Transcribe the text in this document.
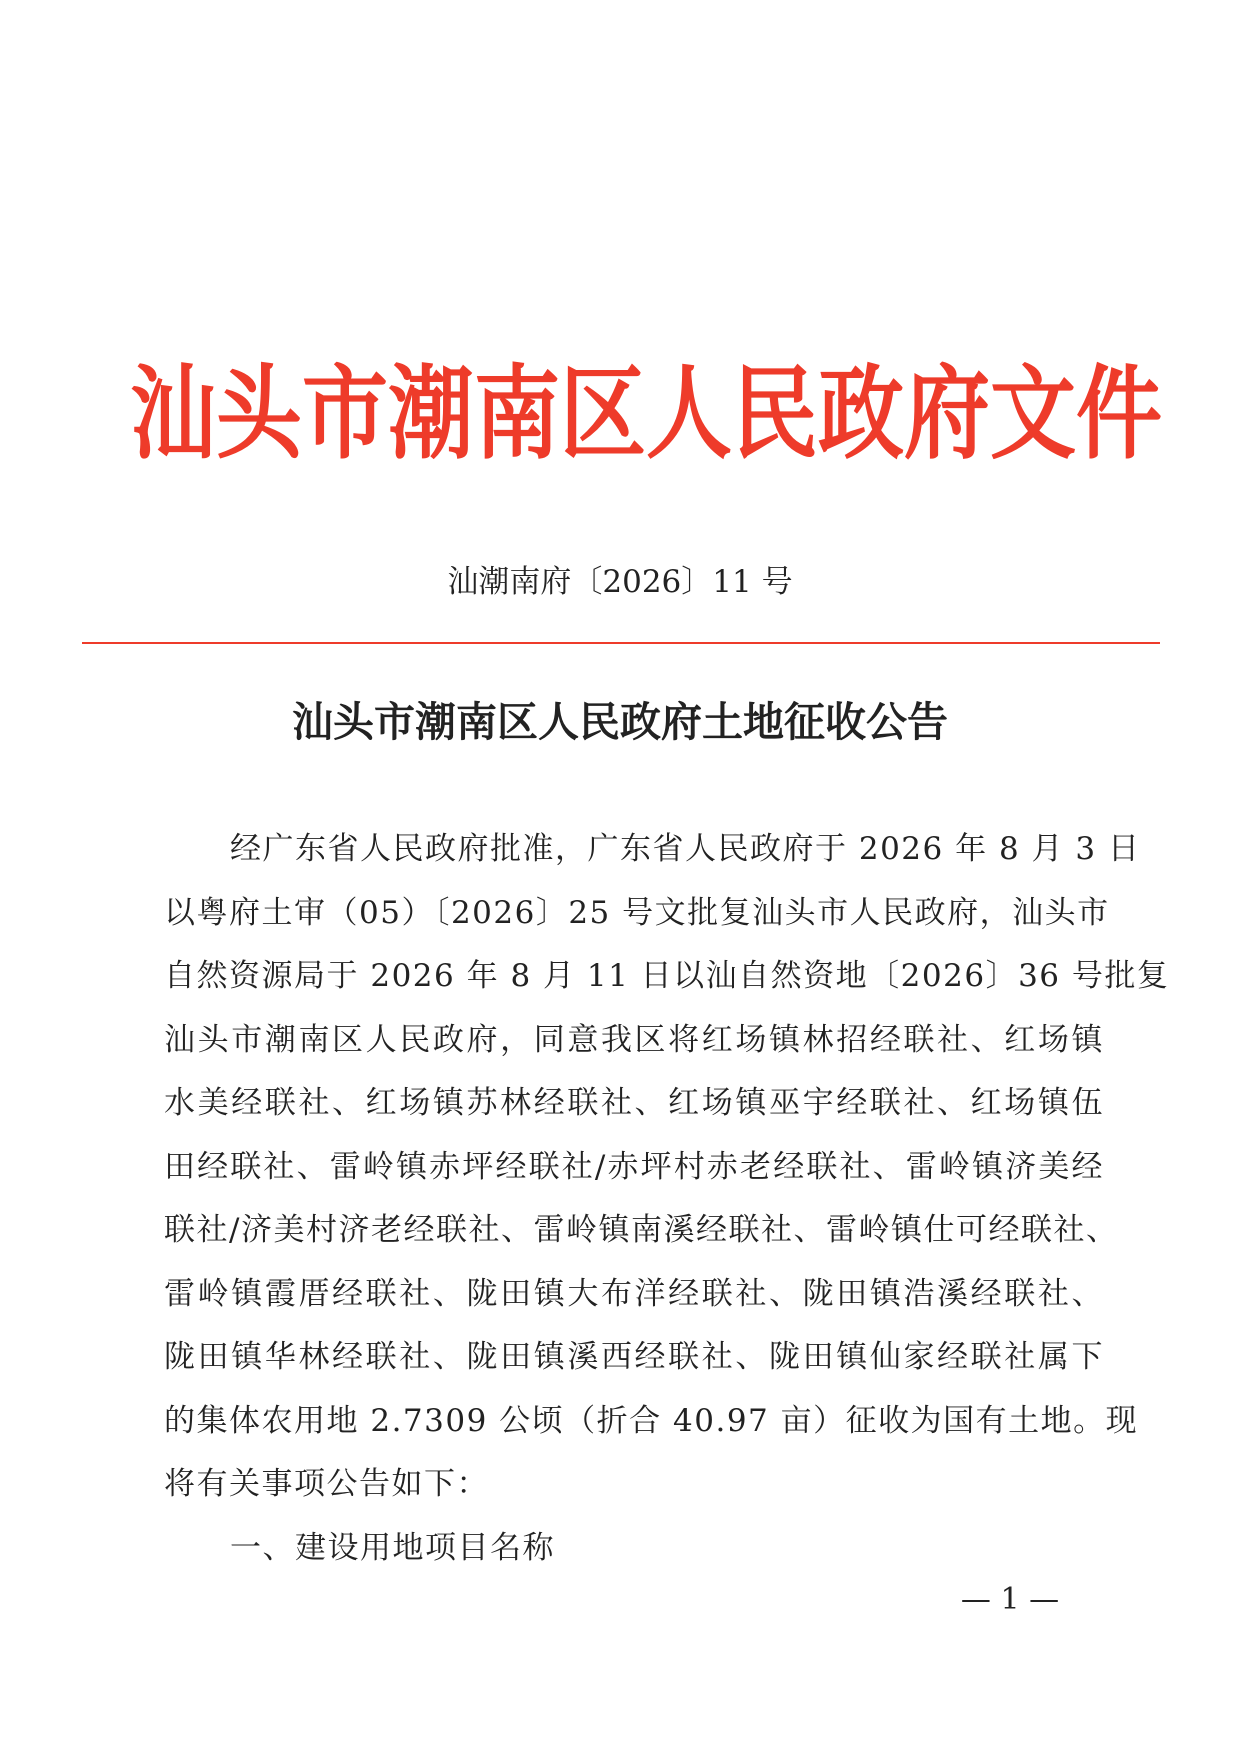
汕头市潮南区人民政府文件
汕潮南府〔2026〕11 号
汕头市潮南区人民政府土地征收公告
经广东省人民政府批准，广东省人民政府于 2026 年 8 月 3 日
以粤府土审（05）〔2026〕25 号文批复汕头市人民政府，汕头市
自然资源局于 2026 年 8 月 11 日以汕自然资地〔2026〕36 号批复
汕头市潮南区人民政府，同意我区将红场镇林招经联社、红场镇
水美经联社、红场镇苏林经联社、红场镇巫宇经联社、红场镇伍
田经联社、雷岭镇赤坪经联社/赤坪村赤老经联社、雷岭镇济美经
联社/济美村济老经联社、雷岭镇南溪经联社、雷岭镇仕可经联社、
雷岭镇霞厝经联社、陇田镇大布洋经联社、陇田镇浩溪经联社、
陇田镇华林经联社、陇田镇溪西经联社、陇田镇仙家经联社属下
的集体农用地 2.7309 公顷（折合 40.97 亩）征收为国有土地。现
将有关事项公告如下：
一、建设用地项目名称
— 1 —
